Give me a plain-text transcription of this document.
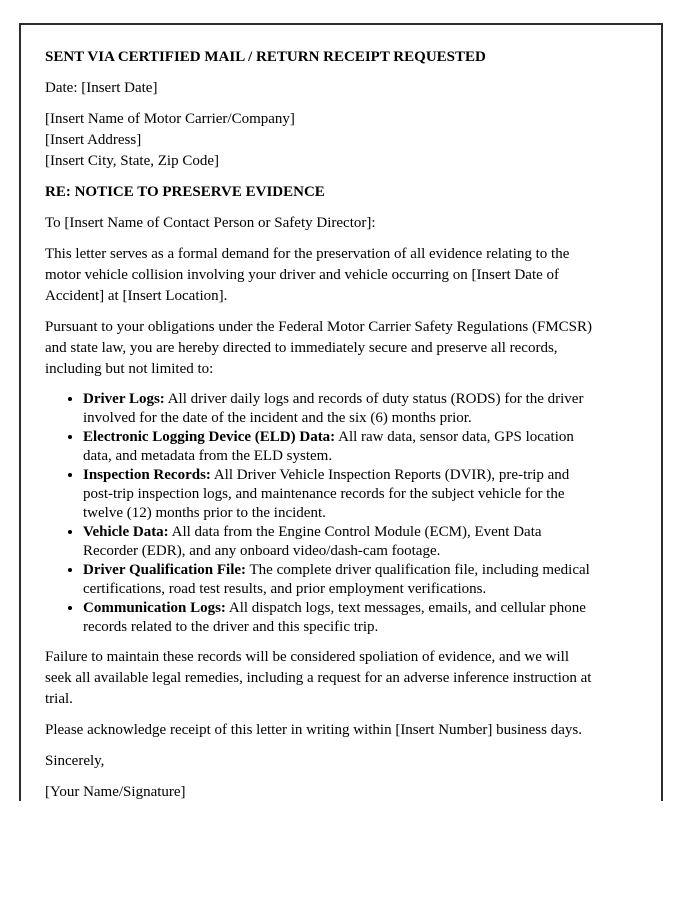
SENT VIA CERTIFIED MAIL / RETURN RECEIPT REQUESTED

Date: [Insert Date]

[Insert Name of Motor Carrier/Company]
[Insert Address]
[Insert City, State, Zip Code]

RE: NOTICE TO PRESERVE EVIDENCE

To [Insert Name of Contact Person or Safety Director]:

This letter serves as a formal demand for the preservation of all evidence relating to the
motor vehicle collision involving your driver and vehicle occurring on [Insert Date of
Accident] at [Insert Location].
Pursuant to your obligations under the Federal Motor Carrier Safety Regulations (FMCSR)
and state law, you are hereby directed to immediately secure and preserve all records,
including but not limited to:
• Driver Logs: All driver daily logs and records of duty status (RODS) for the driver
involved for the date of the incident and the six (6) months prior.
• Electronic Logging Device (ELD) Data: All raw data, sensor data, GPS location
data, and metadata from the ELD system.
• Inspection Records: All Driver Vehicle Inspection Reports (DVIR), pre-trip and
post-trip inspection logs, and maintenance records for the subject vehicle for the
twelve (12) months prior to the incident.
• Vehicle Data: All data from the Engine Control Module (ECM), Event Data
Recorder (EDR), and any onboard video/dash-cam footage.
• Driver Qualification File: The complete driver qualification file, including medical
certifications, road test results, and prior employment verifications.
• Communication Logs: All dispatch logs, text messages, emails, and cellular phone
records related to the driver and this specific trip.
Failure to maintain these records will be considered spoliation of evidence, and we will
seek all available legal remedies, including a request for an adverse inference instruction at
trial.

Please acknowledge receipt of this letter in writing within [Insert Number] business days.

Sincerely,

[Your Name/Signature]
